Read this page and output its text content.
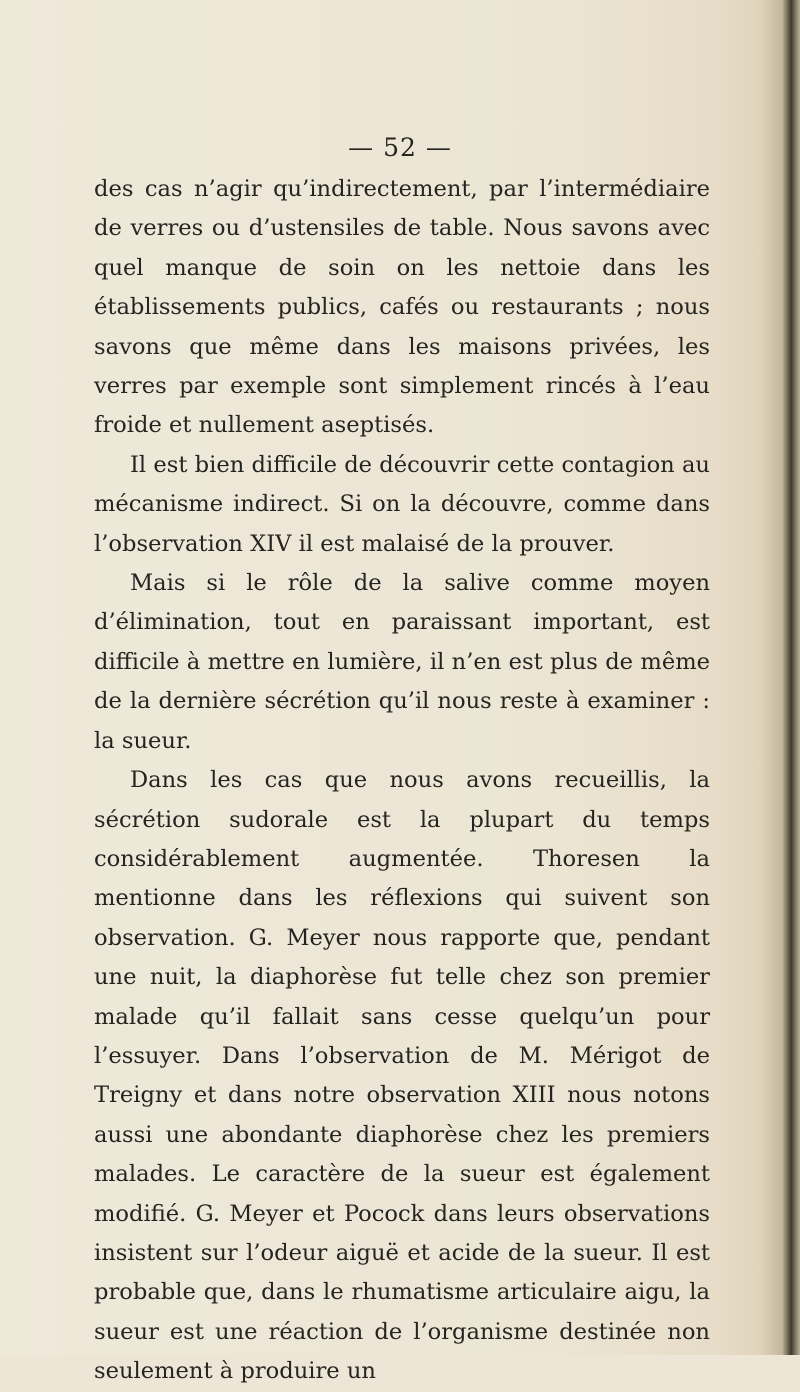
— 52 —

des cas n’agir qu’indirectement, par l’intermédiaire de verres ou d’ustensiles de table. Nous savons avec quel manque de soin on les nettoie dans les établissements publics, cafés ou restaurants ; nous savons que même dans les maisons privées, les verres par exemple sont simplement rincés à l’eau froide et nullement aseptisés.

Il est bien difficile de découvrir cette contagion au mécanisme indirect. Si on la découvre, comme dans l’observation XIV il est malaisé de la prouver.

Mais si le rôle de la salive comme moyen d’élimination, tout en paraissant important, est difficile à mettre en lumière, il n’en est plus de même de la dernière sécrétion qu’il nous reste à examiner : la sueur.

Dans les cas que nous avons recueillis, la sécrétion sudorale est la plupart du temps considérablement augmentée. Thoresen la mentionne dans les réflexions qui suivent son observation. G. Meyer nous rapporte que, pendant une nuit, la diaphorèse fut telle chez son premier malade qu’il fallait sans cesse quelqu’un pour l’essuyer. Dans l’observation de M. Mérigot de Treigny et dans notre observation XIII nous notons aussi une abondante diaphorèse chez les premiers malades. Le caractère de la sueur est également modifié. G. Meyer et Pocock dans leurs observations insistent sur l’odeur aiguë et acide de la sueur. Il est probable que, dans le rhumatisme articulaire aigu, la sueur est une réaction de l’organisme destinée non seulement à produire un
